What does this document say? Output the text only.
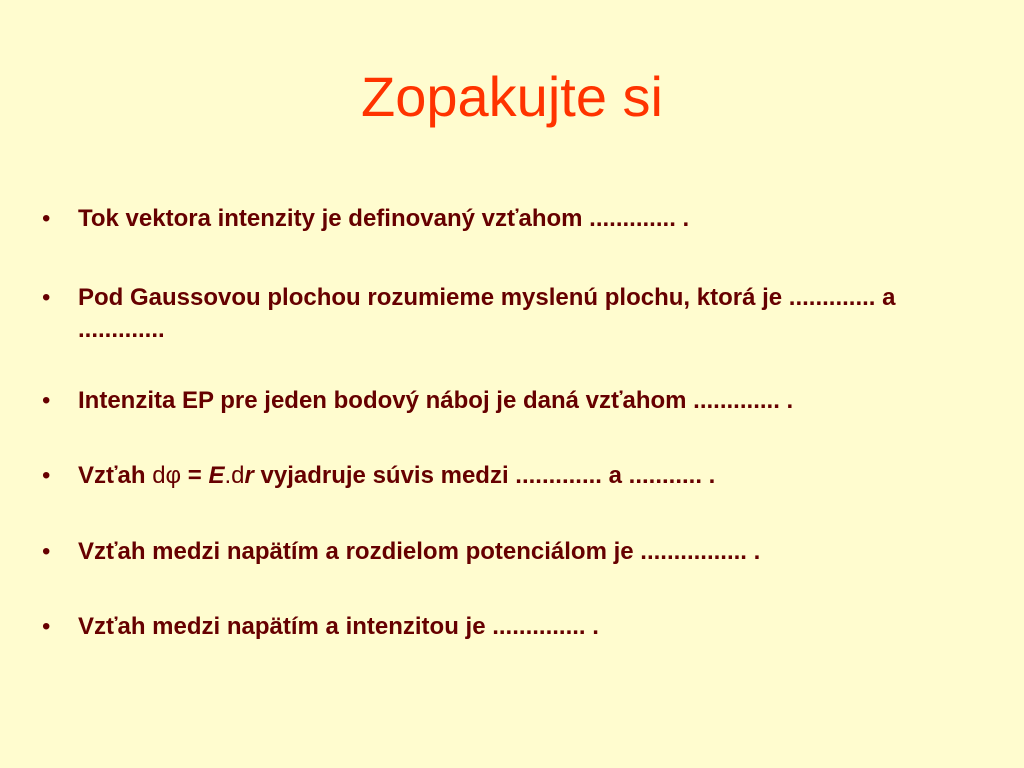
Zopakujte si
•	Tok vektora intenzity je definovaný vzťahom ............. .
•	Pod Gaussovou plochou rozumieme myslenú plochu, ktorá je ............. a .............
•	Intenzita EP pre jeden bodový náboj je daná vzťahom ............. .
•	Vzťah dφ = E.dr vyjadruje súvis medzi ............. a ........... .
•	Vzťah medzi napätím a rozdielom potenciálom je ................ .
•	Vzťah medzi napätím a intenzitou je .............. .
